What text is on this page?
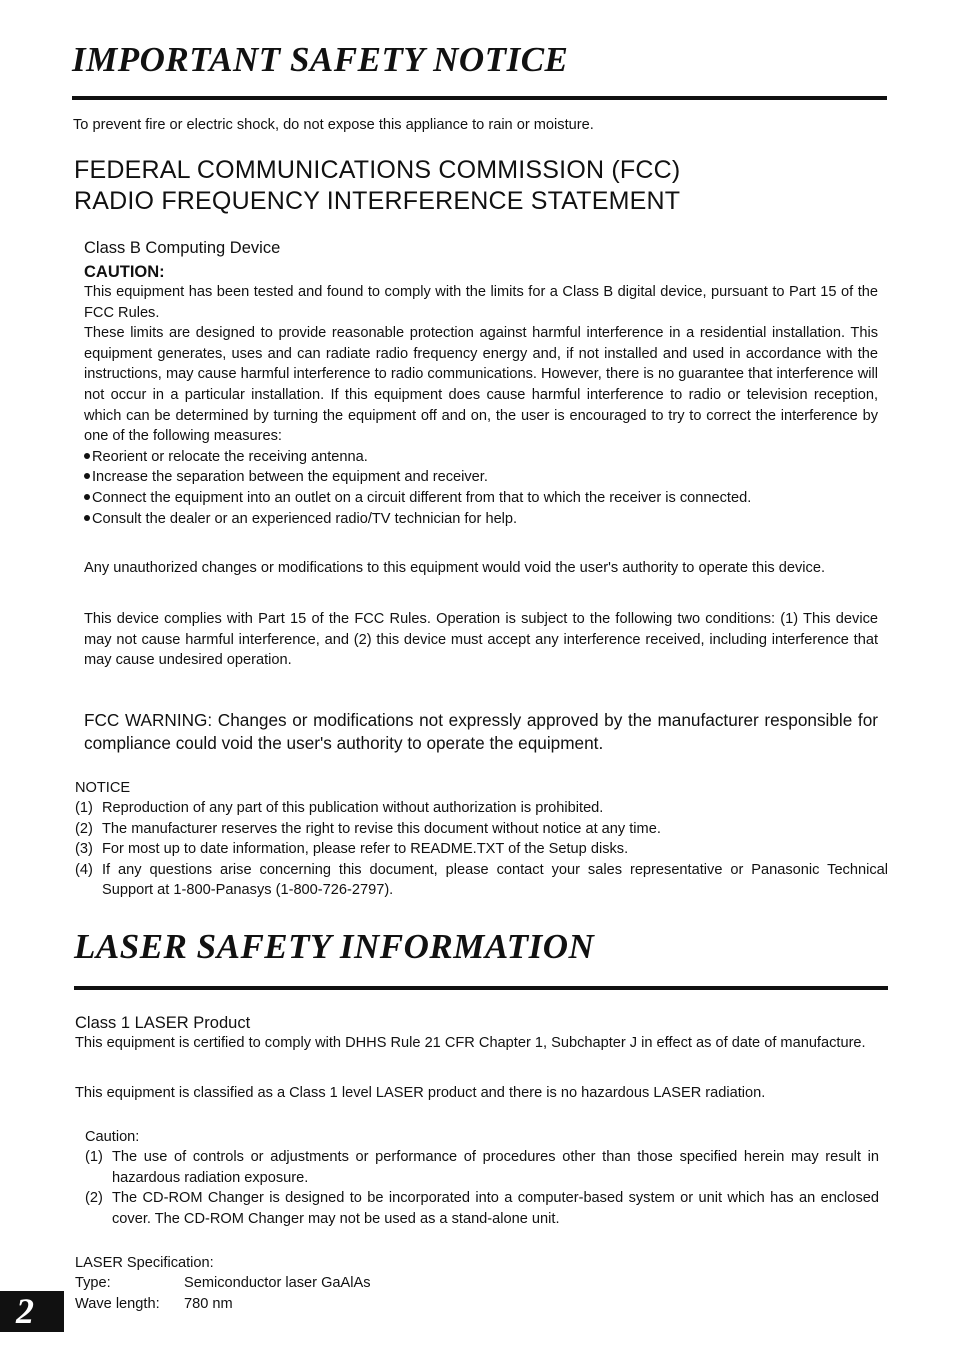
IMPORTANT SAFETY NOTICE

To prevent fire or electric shock, do not expose this appliance to rain or moisture.

FEDERAL COMMUNICATIONS COMMISSION (FCC)
RADIO FREQUENCY INTERFERENCE STATEMENT
Class B Computing Device
CAUTION:

This equipment has been tested and found to comply with the limits for a Class B digital device, pursuant to Part 15 of the FCC Rules.

These limits are designed to provide reasonable protection against harmful interference in a residential installation. This equipment generates, uses and can radiate radio frequency energy and, if not installed and used in accordance with the instructions, may cause harmful interference to radio communications. However, there is no guarantee that interference will not occur in a particular installation. If this equipment does cause harmful interference to radio or television reception, which can be determined by turning the equipment off and on, the user is encouraged to try to correct the interference by one of the following measures:

Reorient or relocate the receiving antenna.
Increase the separation between the equipment and receiver.
Connect the equipment into an outlet on a circuit different from that to which the receiver is connected.
Consult the dealer or an experienced radio/TV technician for help.

Any unauthorized changes or modifications to this equipment would void the user's authority to operate this device.

This device complies with Part 15 of the FCC Rules. Operation is subject to the following two conditions: (1) This device may not cause harmful interference, and (2) this device must accept any interference received, including interference that may cause undesired operation.

FCC WARNING: Changes or modifications not expressly approved by the manufacturer responsible for compliance could void the user's authority to operate the equipment.
NOTICE
(1) Reproduction of any part of this publication without authorization is prohibited.
(2) The manufacturer reserves the right to revise this document without notice at any time.
(3) For most up to date information, please refer to README.TXT of the Setup disks.
(4) If any questions arise concerning this document, please contact your sales representative or Panasonic Technical Support at 1-800-Panasys (1-800-726-2797).
LASER SAFETY INFORMATION
Class 1 LASER Product

This equipment is certified to comply with DHHS Rule 21 CFR Chapter 1, Subchapter J in effect as of date of manufacture.

This equipment is classified as a Class 1 level LASER product and there is no hazardous LASER radiation.

Caution:
(1) The use of controls or adjustments or performance of procedures other than those specified herein may result in hazardous radiation exposure.
(2) The CD-ROM Changer is designed to be incorporated into a computer-based system or unit which has an enclosed cover. The CD-ROM Changer may not be used as a stand-alone unit.
LASER Specification:
Type:	Semiconductor laser GaAlAs
Wave length: 780 nm
2
